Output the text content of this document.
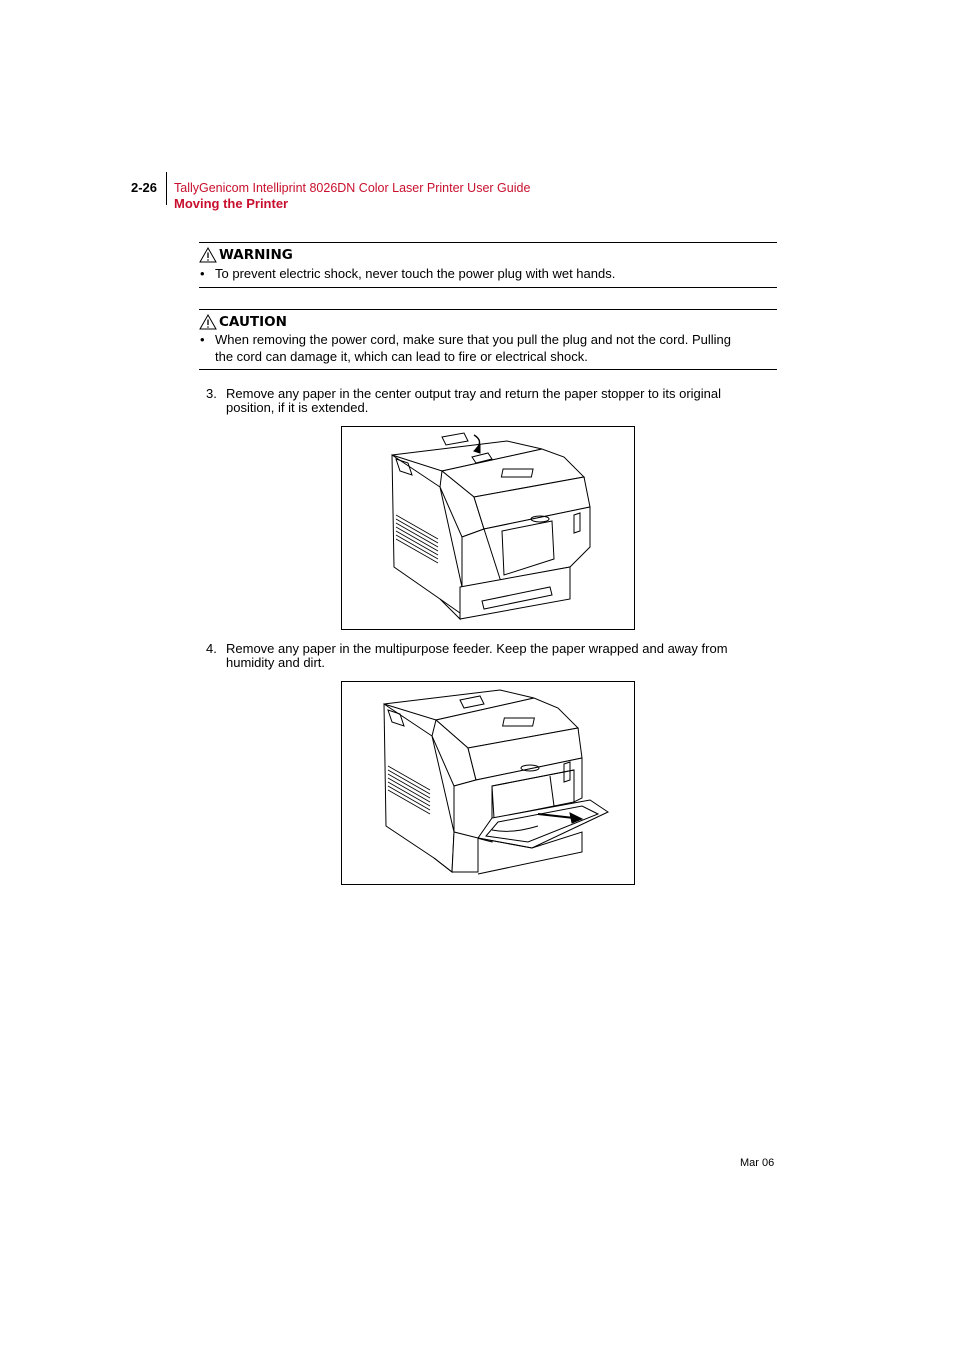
2-26 TallyGenicom Intelliprint 8026DN Color Laser Printer User Guide
Moving the Printer
WARNING
• To prevent electric shock, never touch the power plug with wet hands.
CAUTION
• When removing the power cord, make sure that you pull the plug and not the cord. Pulling
the cord can damage it, which can lead to fire or electrical shock.
3. Remove any paper in the center output tray and return the paper stopper to its original
position, if it is extended.
4. Remove any paper in the multipurpose feeder. Keep the paper wrapped and away from
humidity and dirt.
Mar 06
